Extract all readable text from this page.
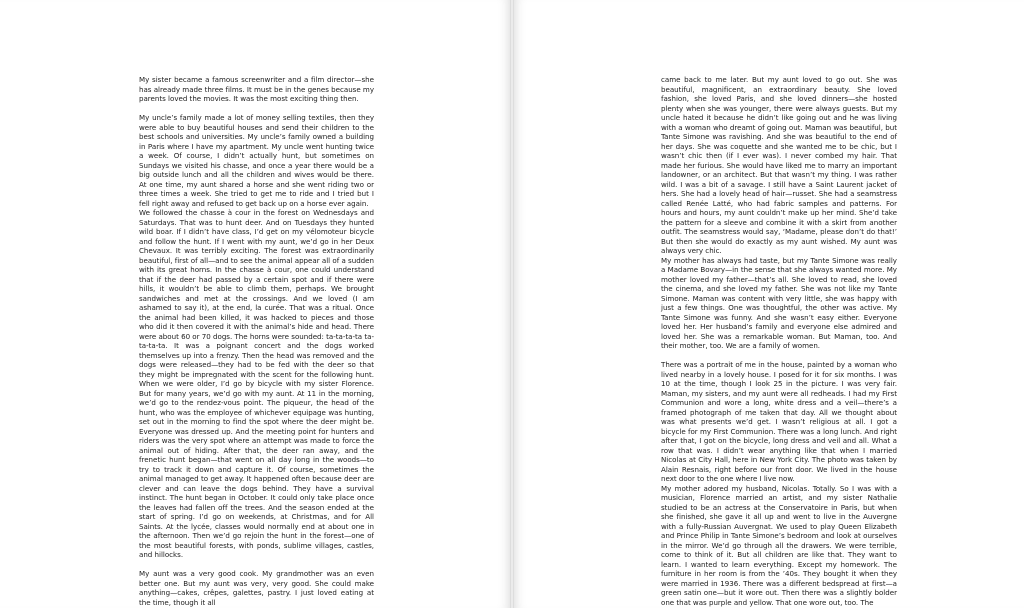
My sister became a famous screenwriter and a film director—she has already made three films. It must be in the genes because my parents loved the movies. It was the most exciting thing then.

My uncle’s family made a lot of money selling textiles, then they were able to buy beautiful houses and send their children to the best schools and universities. My uncle’s family owned a building in Paris where I have my apartment. My uncle went hunting twice a week. Of course, I didn’t actually hunt, but sometimes on Sundays we visited his chasse, and once a year there would be a big outside lunch and all the children and wives would be there. At one time, my aunt shared a horse and she went riding two or three times a week. She tried to get me to ride and I tried but I fell right away and refused to get back up on a horse ever again.

We followed the chasse à cour in the forest on Wednesdays and Saturdays. That was to hunt deer. And on Tuesdays they hunted wild boar. If I didn’t have class, I’d get on my vélomoteur bicycle and follow the hunt. If I went with my aunt, we’d go in her Deux Chevaux. It was terribly exciting. The forest was extraordinarily beautiful, first of all—and to see the animal appear all of a sudden with its great horns. In the chasse à cour, one could understand that if the deer had passed by a certain spot and if there were hills, it wouldn’t be able to climb them, perhaps. We brought sandwiches and met at the crossings. And we loved (I am ashamed to say it), at the end, la curée. That was a ritual. Once the animal had been killed, it was hacked to pieces and those who did it then covered it with the animal’s hide and head. There were about 60 or 70 dogs. The horns were sounded: ta-ta-ta-ta ta-ta-ta-ta. It was a poignant concert and the dogs worked themselves up into a frenzy. Then the head was removed and the dogs were released—they had to be fed with the deer so that they might be impregnated with the scent for the following hunt. When we were older, I’d go by bicycle with my sister Florence. But for many years, we’d go with my aunt. At 11 in the morning, we’d go to the rendez-vous point. The piqueur, the head of the hunt, who was the employee of whichever equipage was hunting, set out in the morning to find the spot where the deer might be. Everyone was dressed up. And the meeting point for hunters and riders was the very spot where an attempt was made to force the animal out of hiding. After that, the deer ran away, and the frenetic hunt began—that went on all day long in the woods—to try to track it down and capture it. Of course, sometimes the animal managed to get away. It happened often because deer are clever and can leave the dogs behind. They have a survival instinct. The hunt began in October. It could only take place once the leaves had fallen off the trees. And the season ended at the start of spring. I’d go on weekends, at Christmas, and for All Saints. At the lycée, classes would normally end at about one in the afternoon. Then we’d go rejoin the hunt in the forest—one of the most beautiful forests, with ponds, sublime villages, castles, and hillocks.

My aunt was a very good cook. My grandmother was an even better one. But my aunt was very, very good. She could make anything—cakes, crêpes, galettes, pastry. I just loved eating at the time, though it all

came back to me later. But my aunt loved to go out. She was beautiful, magnificent, an extraordinary beauty. She loved fashion, she loved Paris, and she loved dinners—she hosted plenty when she was younger, there were always guests. But my uncle hated it because he didn’t like going out and he was living with a woman who dreamt of going out. Maman was beautiful, but Tante Simone was ravishing. And she was beautiful to the end of her days. She was coquette and she wanted me to be chic, but I wasn’t chic then (if I ever was). I never combed my hair. That made her furious. She would have liked me to marry an important landowner, or an architect. But that wasn’t my thing. I was rather wild. I was a bit of a savage. I still have a Saint Laurent jacket of hers. She had a lovely head of hair—russet. She had a seamstress called Renée Latté, who had fabric samples and patterns. For hours and hours, my aunt couldn’t make up her mind. She’d take the pattern for a sleeve and combine it with a skirt from another outfit. The seamstress would say, ‘Madame, please don’t do that!’ But then she would do exactly as my aunt wished. My aunt was always very chic.

My mother has always had taste, but my Tante Simone was really a Madame Bovary—in the sense that she always wanted more. My mother loved my father—that’s all. She loved to read, she loved the cinema, and she loved my father. She was not like my Tante Simone. Maman was content with very little, she was happy with just a few things. One was thoughtful, the other was active. My Tante Simone was funny. And she wasn’t easy either. Everyone loved her. Her husband’s family and everyone else admired and loved her. She was a remarkable woman. But Maman, too. And their mother, too. We are a family of women.

There was a portrait of me in the house, painted by a woman who lived nearby in a lovely house. I posed for it for six months. I was 10 at the time, though I look 25 in the picture. I was very fair. Maman, my sisters, and my aunt were all redheads. I had my First Communion and wore a long, white dress and a veil—there’s a framed photograph of me taken that day. All we thought about was what presents we’d get. I wasn’t religious at all. I got a bicycle for my First Communion. There was a long lunch. And right after that, I got on the bicycle, long dress and veil and all. What a row that was. I didn’t wear anything like that when I married Nicolas at City Hall, here in New York City. The photo was taken by Alain Resnais, right before our front door. We lived in the house next door to the one where I live now.

My mother adored my husband, Nicolas. Totally. So I was with a musician, Florence married an artist, and my sister Nathalie studied to be an actress at the Conservatoire in Paris, but when she finished, she gave it all up and went to live in the Auvergne with a fully-Russian Auvergnat. We used to play Queen Elizabeth and Prince Philip in Tante Simone’s bedroom and look at ourselves in the mirror. We’d go through all the drawers. We were terrible, come to think of it. But all children are like that. They want to learn. I wanted to learn everything. Except my homework. The furniture in her room is from the ’40s. They bought it when they were married in 1936. There was a different bedspread at first—a green satin one—but it wore out. Then there was a slightly bolder one that was purple and yellow. That one wore out, too. The
